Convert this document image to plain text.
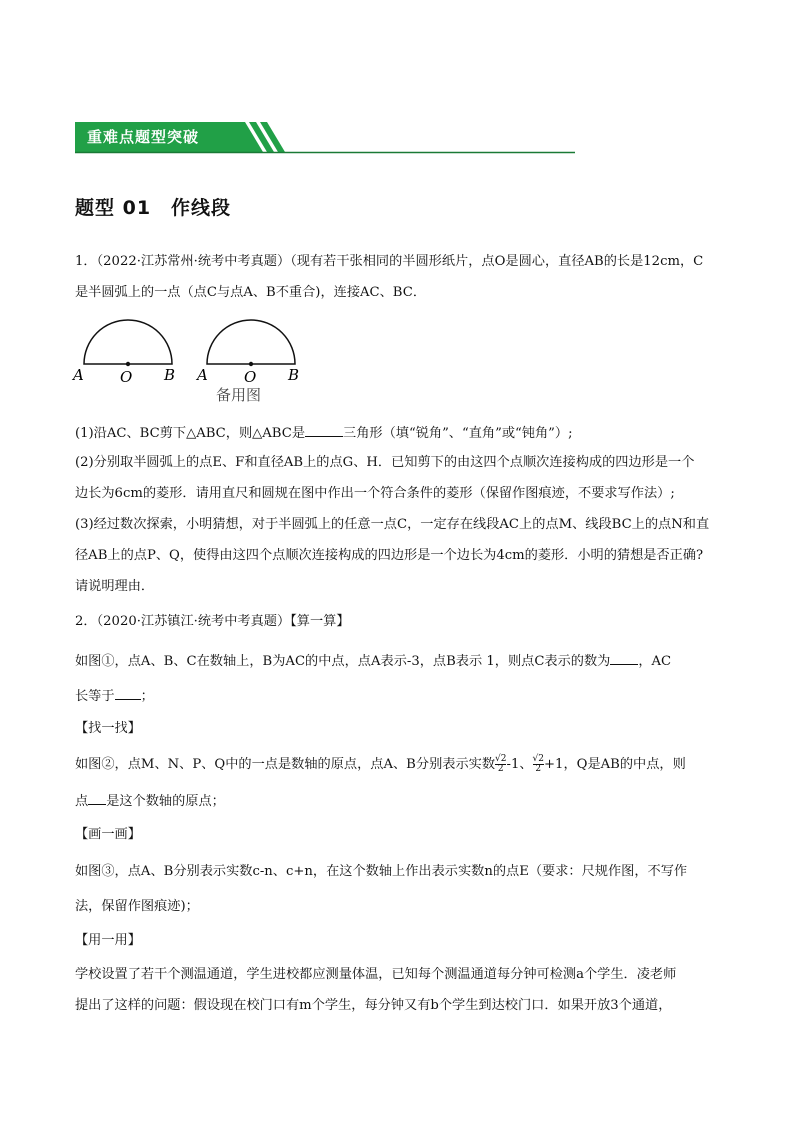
重难点题型突破
题型 01　作线段
1．（2022·江苏常州·统考中考真题）（现有若干张相同的半圆形纸片，点O是圆心，直径AB的长是12cm，C
是半圆弧上的一点（点C与点A、B不重合)，连接AC、BC．
A O B A O B
备用图
(1)沿AC、BC剪下△ABC，则△ABC是	三角形（填“锐角”、“直角”或“钝角”）;
(2)分别取半圆弧上的点E、F和直径AB上的点G、H．已知剪下的由这四个点顺次连接构成的四边形是一个
边长为6cm的菱形．请用直尺和圆规在图中作出一个符合条件的菱形（保留作图痕迹，不要求写作法）;
(3)经过数次探索，小明猜想，对于半圆弧上的任意一点C，一定存在线段AC上的点M、线段BC上的点N和直
径AB上的点P、Q，使得由这四个点顺次连接构成的四边形是一个边长为4cm的菱形．小明的猜想是否正确?
请说明理由．
2．（2020·江苏镇江·统考中考真题）【算一算】
如图①，点A、B、C在数轴上，B为AC的中点，点A表示-3，点B表示 1，则点C表示的数为 ，AC
长等于 ；
【找一找】
如图②，点M、N、P、Q中的一点是数轴的原点，点A、B分别表示实数 $\frac{√2}{2} -1$、 $\frac{√2}{2} +1$，Q是AB的中点，则
点 是这个数轴的原点；
【画一画】
如图③，点A、B分别表示实数c-n、c+n，在这个数轴上作出表示实数n的点E（要求：尺规作图，不写作
法，保留作图痕迹)；
【用一用】
学校设置了若干个测温通道，学生进校都应测量体温，已知每个测温通道每分钟可检测a个学生．凌老师
提出了这样的问题：假设现在校门口有m个学生，每分钟又有b个学生到达校门口．如果开放3个通道，
